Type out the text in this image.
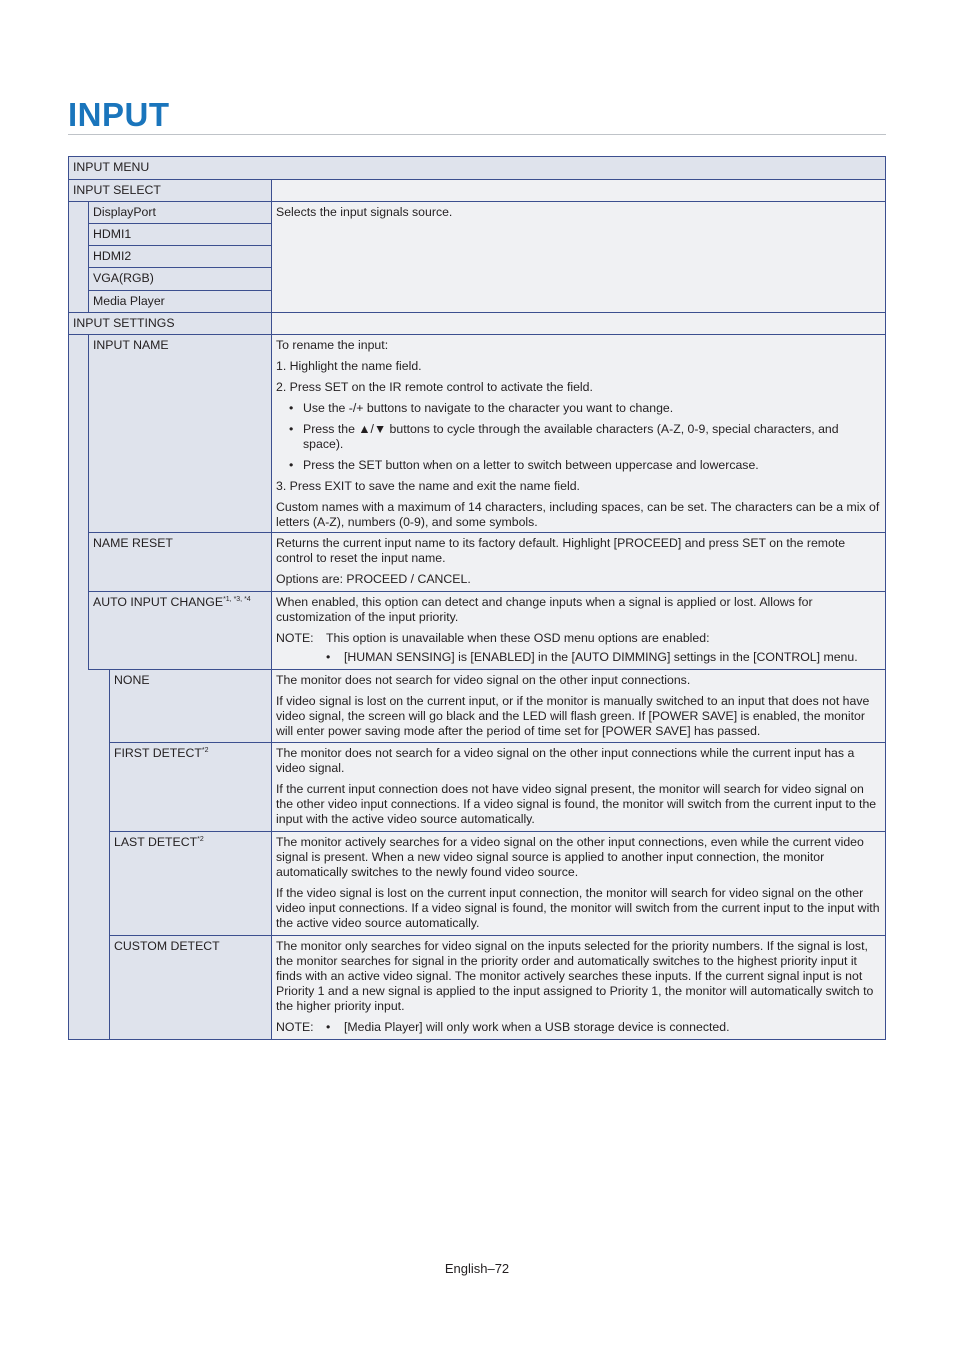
INPUT
INPUT MENU
INPUT SELECT
DisplayPort
HDMI1
HDMI2
VGA(RGB)
Media Player

Selects the input signals source.

INPUT SETTINGS
INPUT NAME	To rename the input:

1. Highlight the name field.

2. Press SET on the IR remote control to activate the field.

• Use the -/+ buttons to navigate to the character you want to change.
• Press the ▲/▼ buttons to cycle through the available characters (A-Z, 0-9, special characters, and space).
• Press the SET button when on a letter to switch between uppercase and lowercase.

3. Press EXIT to save the name and exit the name field.

Custom names with a maximum of 14 characters, including spaces, can be set. The characters can be a mix of letters (A-Z), numbers (0-9), and some symbols.

NAME RESET	Returns the current input name to its factory default. Highlight [PROCEED] and press SET on the remote control to reset the input name.

Options are: PROCEED / CANCEL.

AUTO INPUT $CHANGE^{*1, *3, *4}$	When enabled, this option can detect and change inputs when a signal is applied or lost. Allows for customization of the input priority.

NOTE: This option is unavailable when these OSD menu options are enabled:
• [HUMAN SENSING] is [ENABLED] in the [AUTO DIMMING] settings in the [CONTROL] menu.
NONE	The monitor does not search for video signal on the other input connections.

If video signal is lost on the current input, or if the monitor is manually switched to an input that does not have video signal, the screen will go black and the LED will flash green. If [POWER SAVE] is enabled, the monitor will enter power saving mode after the period of time set for [POWER SAVE] has passed.

FIRST DETECT$^{*2}$	The monitor does not search for a video signal on the other input connections while the current input has a video signal.

If the current input connection does not have video signal present, the monitor will search for video signal on the other video input connections. If a video signal is found, the monitor will switch from the current input to the input with the active video source automatically.

LAST DETECT$^{*2}$	The monitor actively searches for a video signal on the other input connections, even while the current video signal is present. When a new video signal source is applied to another input connection, the monitor automatically switches to the newly found video source.

If the video signal is lost on the current input connection, the monitor will search for video signal on the other video input connections. If a video signal is found, the monitor will switch from the current input to the input with the active video source automatically.

CUSTOM DETECT	The monitor only searches for video signal on the inputs selected for the priority numbers. If the signal is lost, the monitor searches for signal in the priority order and automatically switches to the highest priority input it finds with an active video signal. The monitor actively searches these inputs. If the current signal input is not Priority 1 and a new signal is applied to the input assigned to Priority 1, the monitor will automatically switch to the higher priority input.

NOTE:
•	[Media Player] will only work when a USB storage device is connected.
English–72
